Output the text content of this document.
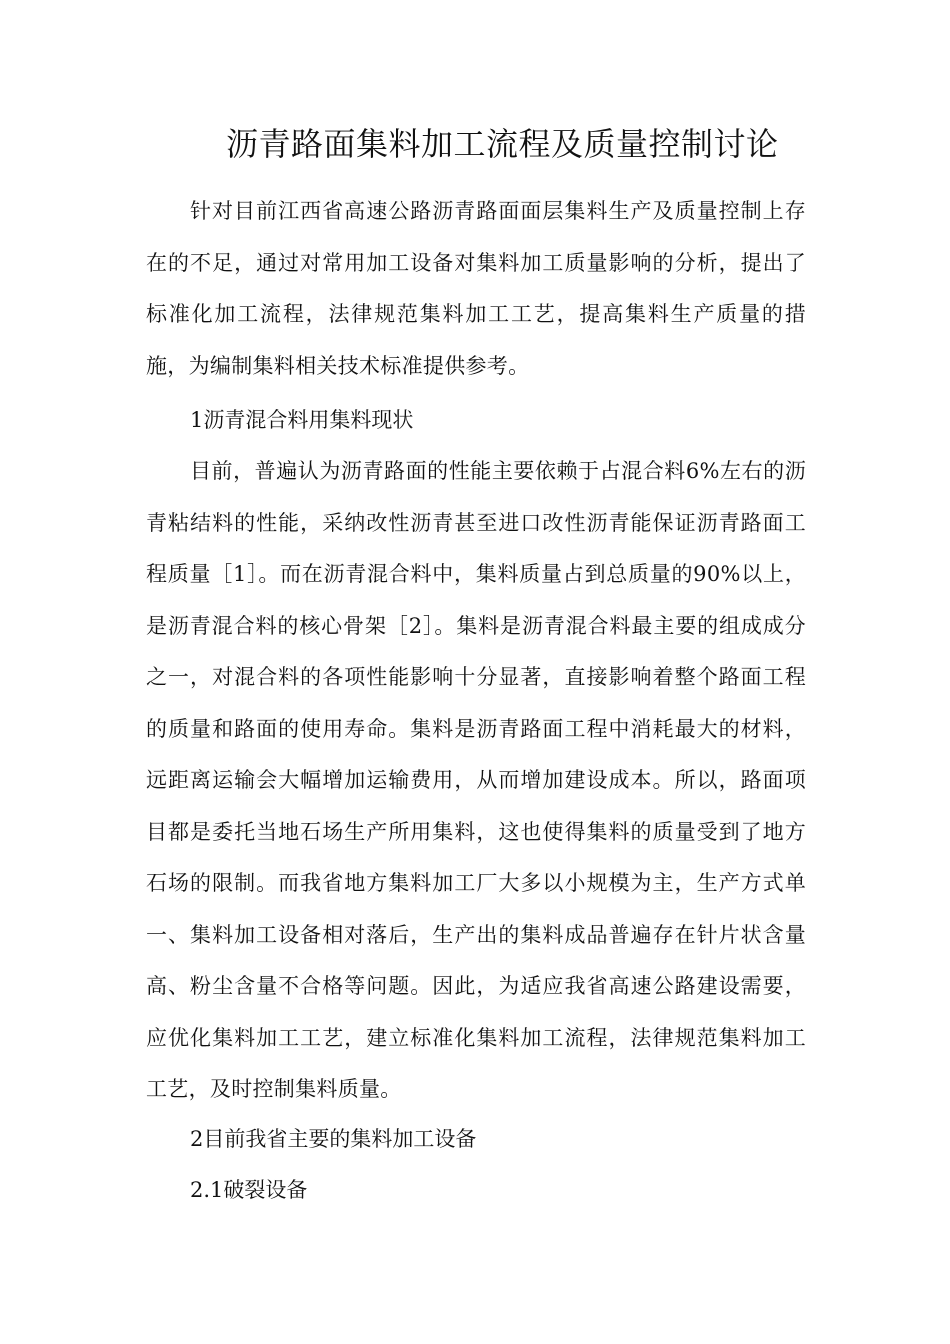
沥青路面集料加工流程及质量控制讨论

针对目前江西省高速公路沥青路面面层集料生产及质量控制上存在的不足，通过对常用加工设备对集料加工质量影响的分析，提出了标准化加工流程，法律规范集料加工工艺，提高集料生产质量的措施，为编制集料相关技术标准提供参考。

1沥青混合料用集料现状

目前，普遍认为沥青路面的性能主要依赖于占混合料6%左右的沥青粘结料的性能，采纳改性沥青甚至进口改性沥青能保证沥青路面工程质量［1］。而在沥青混合料中，集料质量占到总质量的90%以上，是沥青混合料的核心骨架［2］。集料是沥青混合料最主要的组成成分之一，对混合料的各项性能影响十分显著，直接影响着整个路面工程的质量和路面的使用寿命。集料是沥青路面工程中消耗最大的材料，远距离运输会大幅增加运输费用，从而增加建设成本。所以，路面项目都是委托当地石场生产所用集料，这也使得集料的质量受到了地方石场的限制。而我省地方集料加工厂大多以小规模为主，生产方式单一、集料加工设备相对落后，生产出的集料成品普遍存在针片状含量高、粉尘含量不合格等问题。因此，为适应我省高速公路建设需要，应优化集料加工工艺，建立标准化集料加工流程，法律规范集料加工工艺，及时控制集料质量。

2目前我省主要的集料加工设备
2.1破裂设备
